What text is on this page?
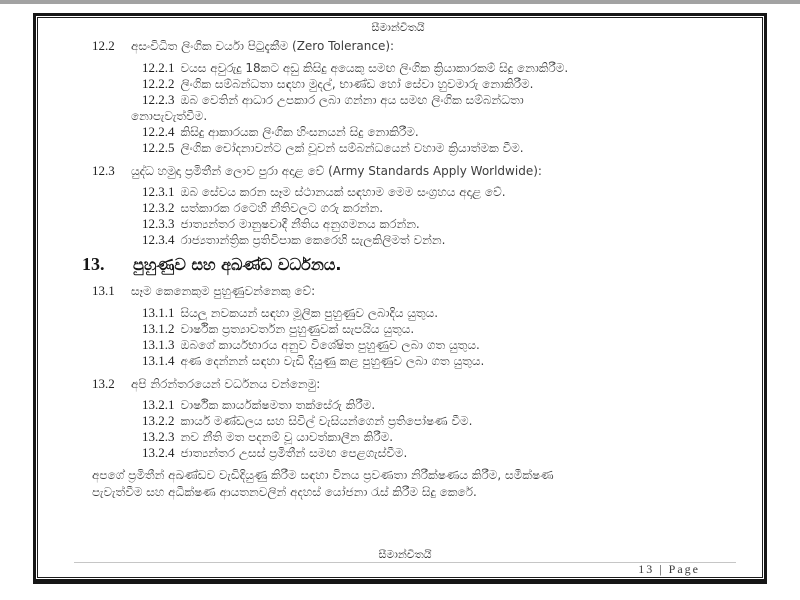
සීමාන්විතයි
12.2	අසංවිධිත ලිංගික චර්යා පිටුදැකීම (Zero Tolerance):
12.2.1 වයස අවුරුදු 18කට අඩු කිසිදු අයෙකු සමඟ ලිංගික ක්‍රියාකාරකම් සිදු නොකිරීම.
12.2.2 ලිංගික සම්බන්ධතා සඳහා මුදල්, භාණ්ඩ හෝ සේවා හුවමාරු නොකිරීම.
12.2.3 ඔබ වෙතින් ආධාර උපකාර ලබා ගන්නා අය සමඟ ලිංගික සම්බන්ධතා
නොපැවැත්වීම.
12.2.4 කිසිදු ආකාරයක ලිංගික හිංසනයන් සිදු නොකිරීම.
12.2.5 ලිංගික චෝදනාවන්ට ලක් වූවන් සම්බන්ධයෙන් වහාම ක්‍රියාත්මක වීම.
12.3	යුද්ධ හමුදා ප්‍රමිතීන් ලොව පුරා අදාළ වේ (Army Standards Apply Worldwide):
12.3.1 ඔබ සේවය කරන සෑම ස්ථානයක් සඳහාම මෙම සංග්‍රහය අදාළ වේ.
12.3.2 සත්කාරක රටෙහි නීතිවලට ගරු කරන්න.
12.3.3 ජාත්‍යන්තර මානුෂවාදී නීතිය අනුගමනය කරන්න.
12.3.4 රාජ්‍යතාන්ත්‍රික ප්‍රතිවිපාක කෙරෙහි සැලකිලිමත් වන්න.
13.	පුහුණුව සහ අඛණ්ඩ වර්ධනය.
13.1	සෑම කෙනෙකුම පුහුණුවන්නෙකු වේ:
13.1.1 සියලු නවකයන් සඳහා මූලික පුහුණුව ලබාදිය යුතුය.
13.1.2 වාර්ෂික ප්‍රත්‍යාවර්තන පුහුණුවක් සැපයිය යුතුය.
13.1.3 ඔබගේ කාර්යභාරය අනුව විශේෂිත පුහුණුව ලබා ගත යුතුය.
13.1.4 අණ දෙන්නන් සඳහා වැඩි දියුණු කළ පුහුණුව ලබා ගත යුතුය.
13.2	අපි නිරන්තරයෙන් වර්ධනය වන්නෙමු:
13.2.1 වාර්ෂික කාර්යක්ෂමතා තක්සේරු කිරීම.
13.2.2 කාර්ය මණ්ඩලය සහ සිවිල් වැසියන්ගෙන් ප්‍රතිපෝෂණ වීම.
13.2.3 නව නීති මත පදනම් වූ යාවත්කාලීන කිරීම.
13.2.4 ජාත්‍යන්තර උසස් ප්‍රමිතීන් සමඟ පෙළගැස්වීම.
අපගේ ප්‍රමිතීන් අඛණ්ඩව වැඩිදියුණු කිරීම සඳහා විනය ප්‍රවණතා නිරීක්ෂණය කිරීම, සමීක්ෂණ
පැවැත්වීම සහ අධීක්ෂණ ආයතනවලින් අදහස් යෝජනා රැස් කිරීම සිදු කෙරේ.
සීමාන්විතයි
13 | Page
